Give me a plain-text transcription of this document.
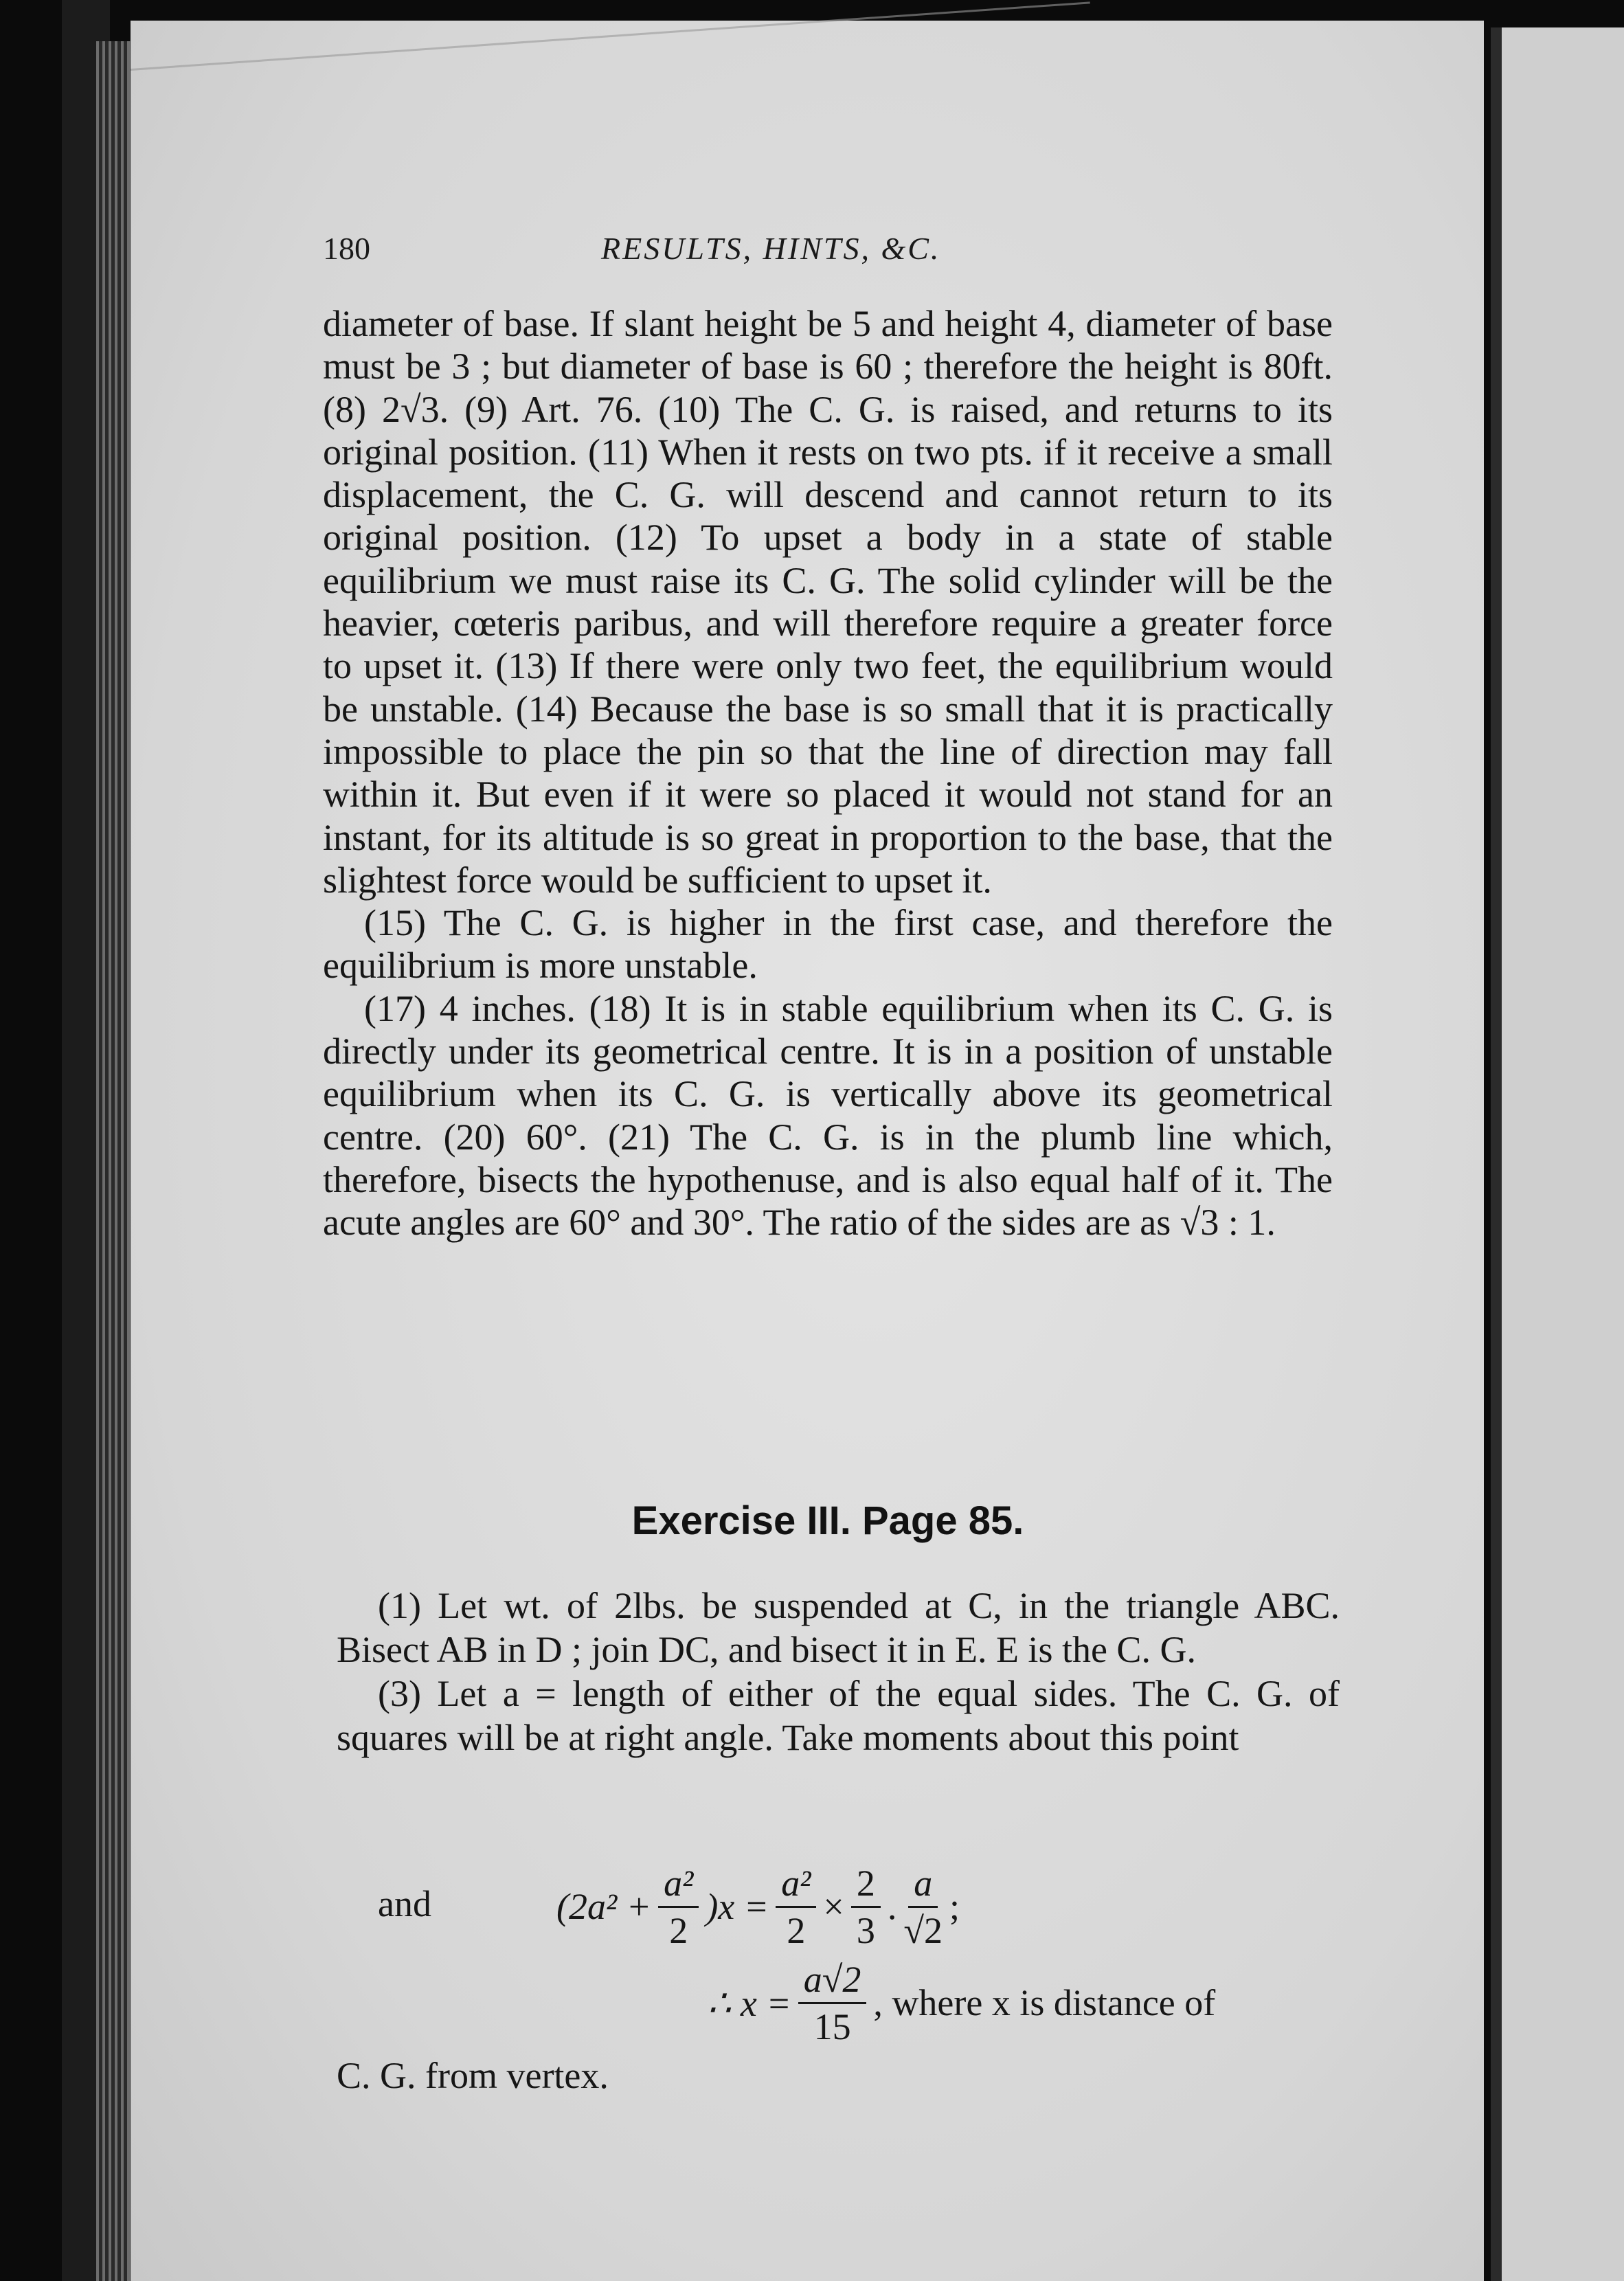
180	RESULTS, HINTS, &C.

diameter of base. If slant height be 5 and height 4, diameter of base must be 3 ; but diameter of base is 60 ; therefore the height is 80ft. (8) 2√3. (9) Art. 76. (10) The C. G. is raised, and returns to its original position. (11) When it rests on two pts. if it receive a small displacement, the C. G. will descend and cannot return to its original position. (12) To upset a body in a state of stable equilibrium we must raise its C. G. The solid cylinder will be the heavier, cœteris paribus, and will therefore require a greater force to upset it. (13) If there were only two feet, the equilibrium would be unstable. (14) Because the base is so small that it is practically impossible to place the pin so that the line of direction may fall within it. But even if it were so placed it would not stand for an instant, for its altitude is so great in proportion to the base, that the slightest force would be sufficient to upset it.

(15) The C. G. is higher in the first case, and therefore the equilibrium is more unstable.

(17) 4 inches. (18) It is in stable equilibrium when its C. G. is directly under its geometrical centre. It is in a position of unstable equilibrium when its C. G. is vertically above its geometrical centre. (20) 60°. (21) The C. G. is in the plumb line which, therefore, bisects the hypothenuse, and is also equal half of it. The acute angles are 60° and 30°. The ratio of the sides are as √3 : 1.

Exercise III. Page 85.

(1) Let wt. of 2lbs. be suspended at C, in the triangle ABC. Bisect AB in D ; join DC, and bisect it in E. E is the C. G.

(3) Let a = length of either of the equal sides. The C. G. of squares will be at right angle. Take moments about this point

and	$(2a^2 + \frac{\text{a²}}{2} )x = \frac{\text{a²}}{2} \times \frac{2}{3}$ . $\frac{a}{√2}$ ;
∴ $x = \frac{a√2}{15}$ , where x is distance of
C. G. from vertex.
